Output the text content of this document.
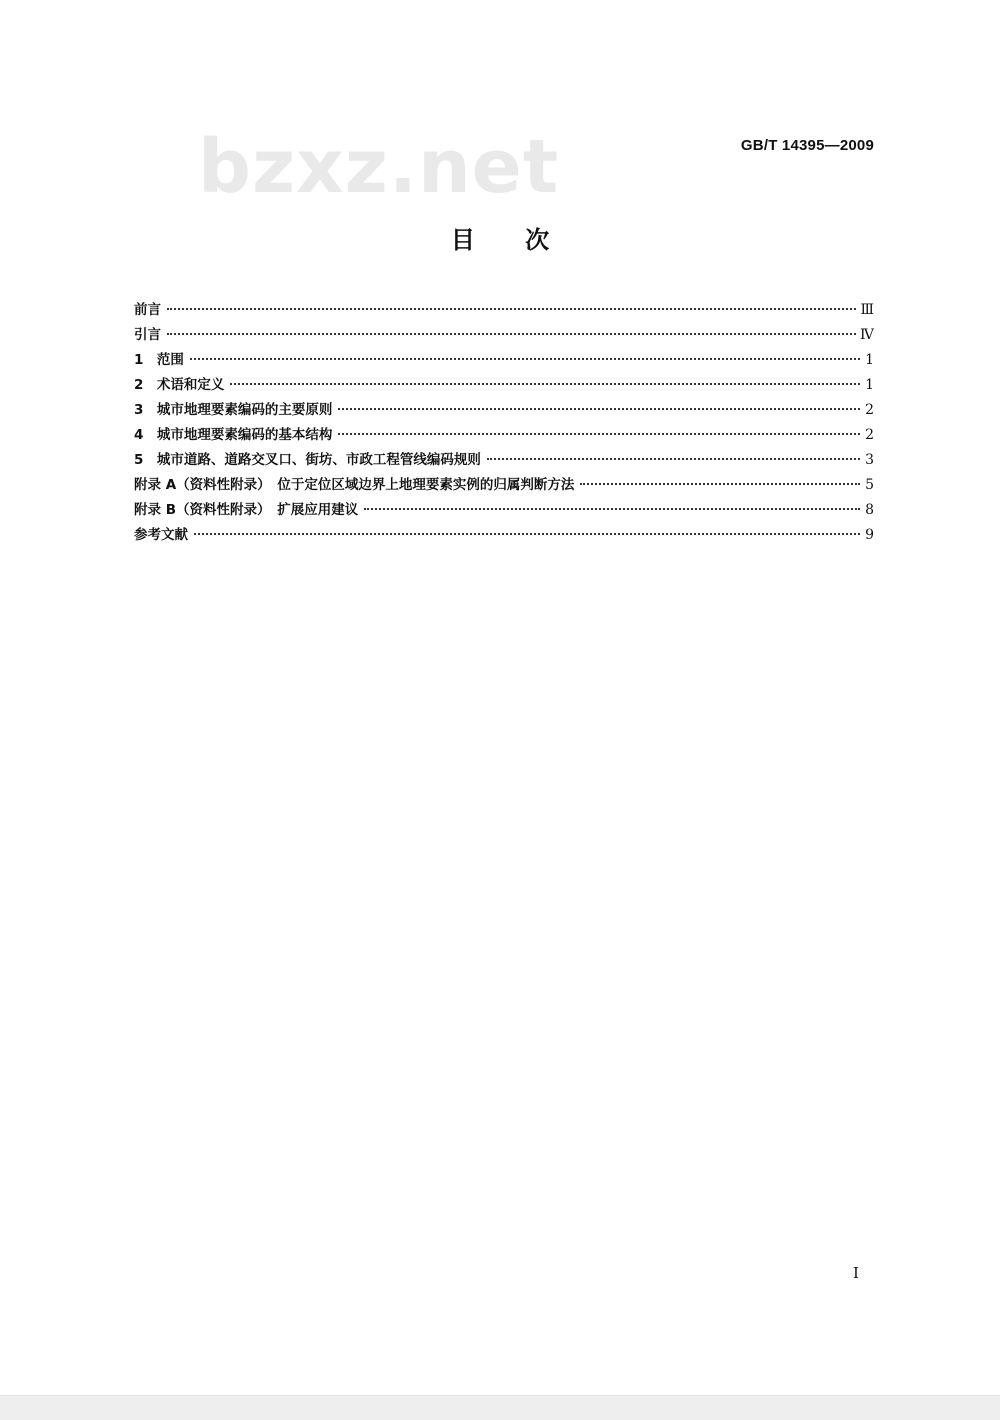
bzxz.net	GB/T 14395—2009
目 次
前言	Ⅲ
引言	Ⅳ
1　范围	1
2　术语和定义	1
3　城市地理要素编码的主要原则	2
4　城市地理要素编码的基本结构	2
5　城市道路、道路交叉口、街坊、市政工程管线编码规则	3
附录 A（资料性附录）　位于定位区域边界上地理要素实例的归属判断方法	5
附录 B（资料性附录）　扩展应用建议	8
参考文献	9
Ⅰ
